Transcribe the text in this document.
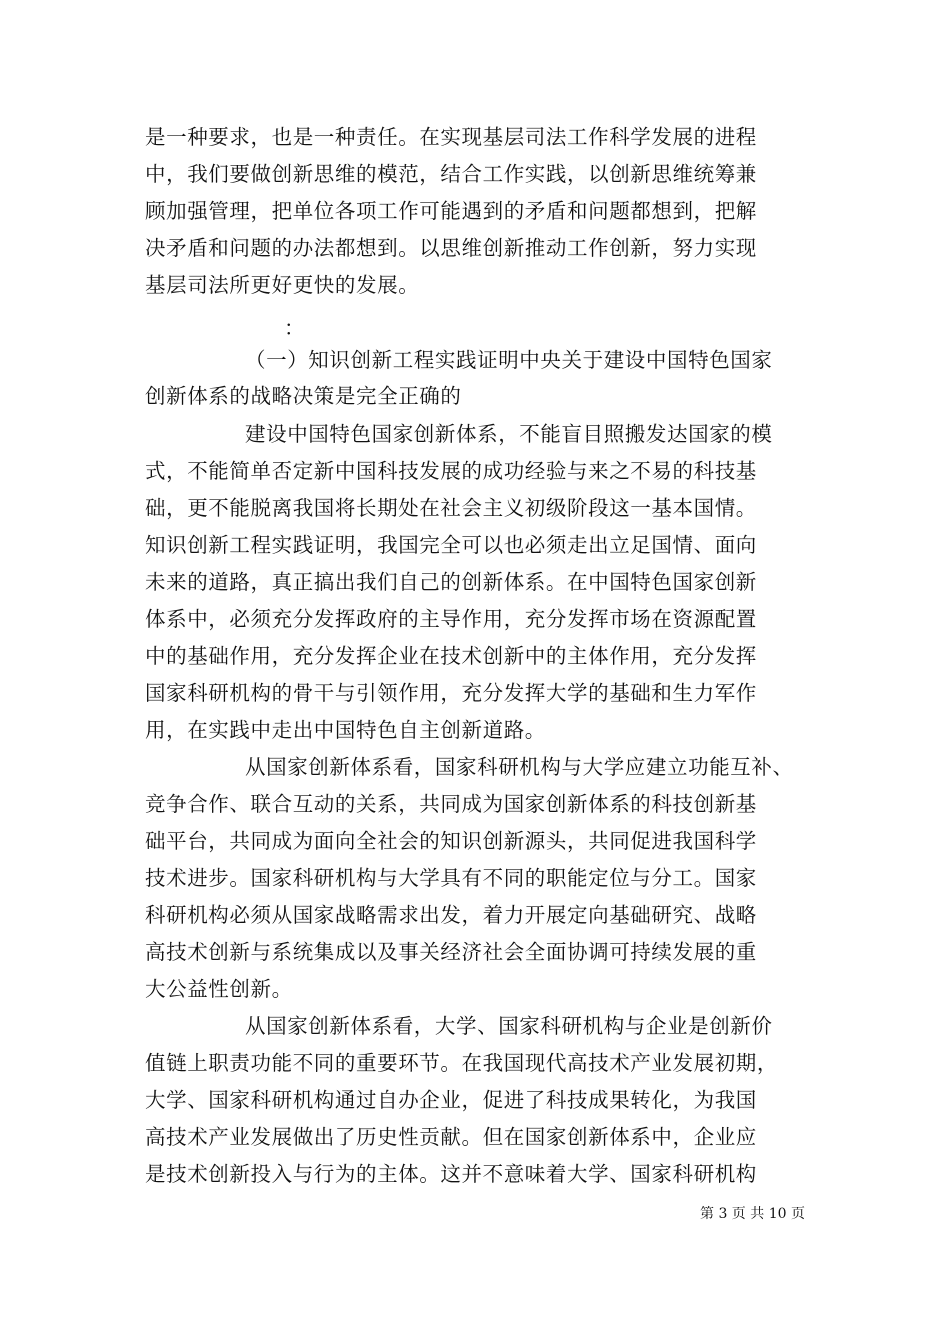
是一种要求，也是一种责任。在实现基层司法工作科学发展的进程
中，我们要做创新思维的模范，结合工作实践，以创新思维统筹兼
顾加强管理，把单位各项工作可能遇到的矛盾和问题都想到，把解
决矛盾和问题的办法都想到。以思维创新推动工作创新，努力实现
基层司法所更好更快的发展。
：
（一）知识创新工程实践证明中央关于建设中国特色国家
创新体系的战略决策是完全正确的
建设中国特色国家创新体系，不能盲目照搬发达国家的模
式，不能简单否定新中国科技发展的成功经验与来之不易的科技基
础，更不能脱离我国将长期处在社会主义初级阶段这一基本国情。
知识创新工程实践证明，我国完全可以也必须走出立足国情、面向
未来的道路，真正搞出我们自己的创新体系。在中国特色国家创新
体系中，必须充分发挥政府的主导作用，充分发挥市场在资源配置
中的基础作用，充分发挥企业在技术创新中的主体作用，充分发挥
国家科研机构的骨干与引领作用，充分发挥大学的基础和生力军作
用，在实践中走出中国特色自主创新道路。
从国家创新体系看，国家科研机构与大学应建立功能互补、
竞争合作、联合互动的关系，共同成为国家创新体系的科技创新基
础平台，共同成为面向全社会的知识创新源头，共同促进我国科学
技术进步。国家科研机构与大学具有不同的职能定位与分工。国家
科研机构必须从国家战略需求出发，着力开展定向基础研究、战略
高技术创新与系统集成以及事关经济社会全面协调可持续发展的重
大公益性创新。
从国家创新体系看，大学、国家科研机构与企业是创新价
值链上职责功能不同的重要环节。在我国现代高技术产业发展初期，
大学、国家科研机构通过自办企业，促进了科技成果转化，为我国
高技术产业发展做出了历史性贡献。但在国家创新体系中，企业应
是技术创新投入与行为的主体。这并不意味着大学、国家科研机构
第 3 页 共 10 页
